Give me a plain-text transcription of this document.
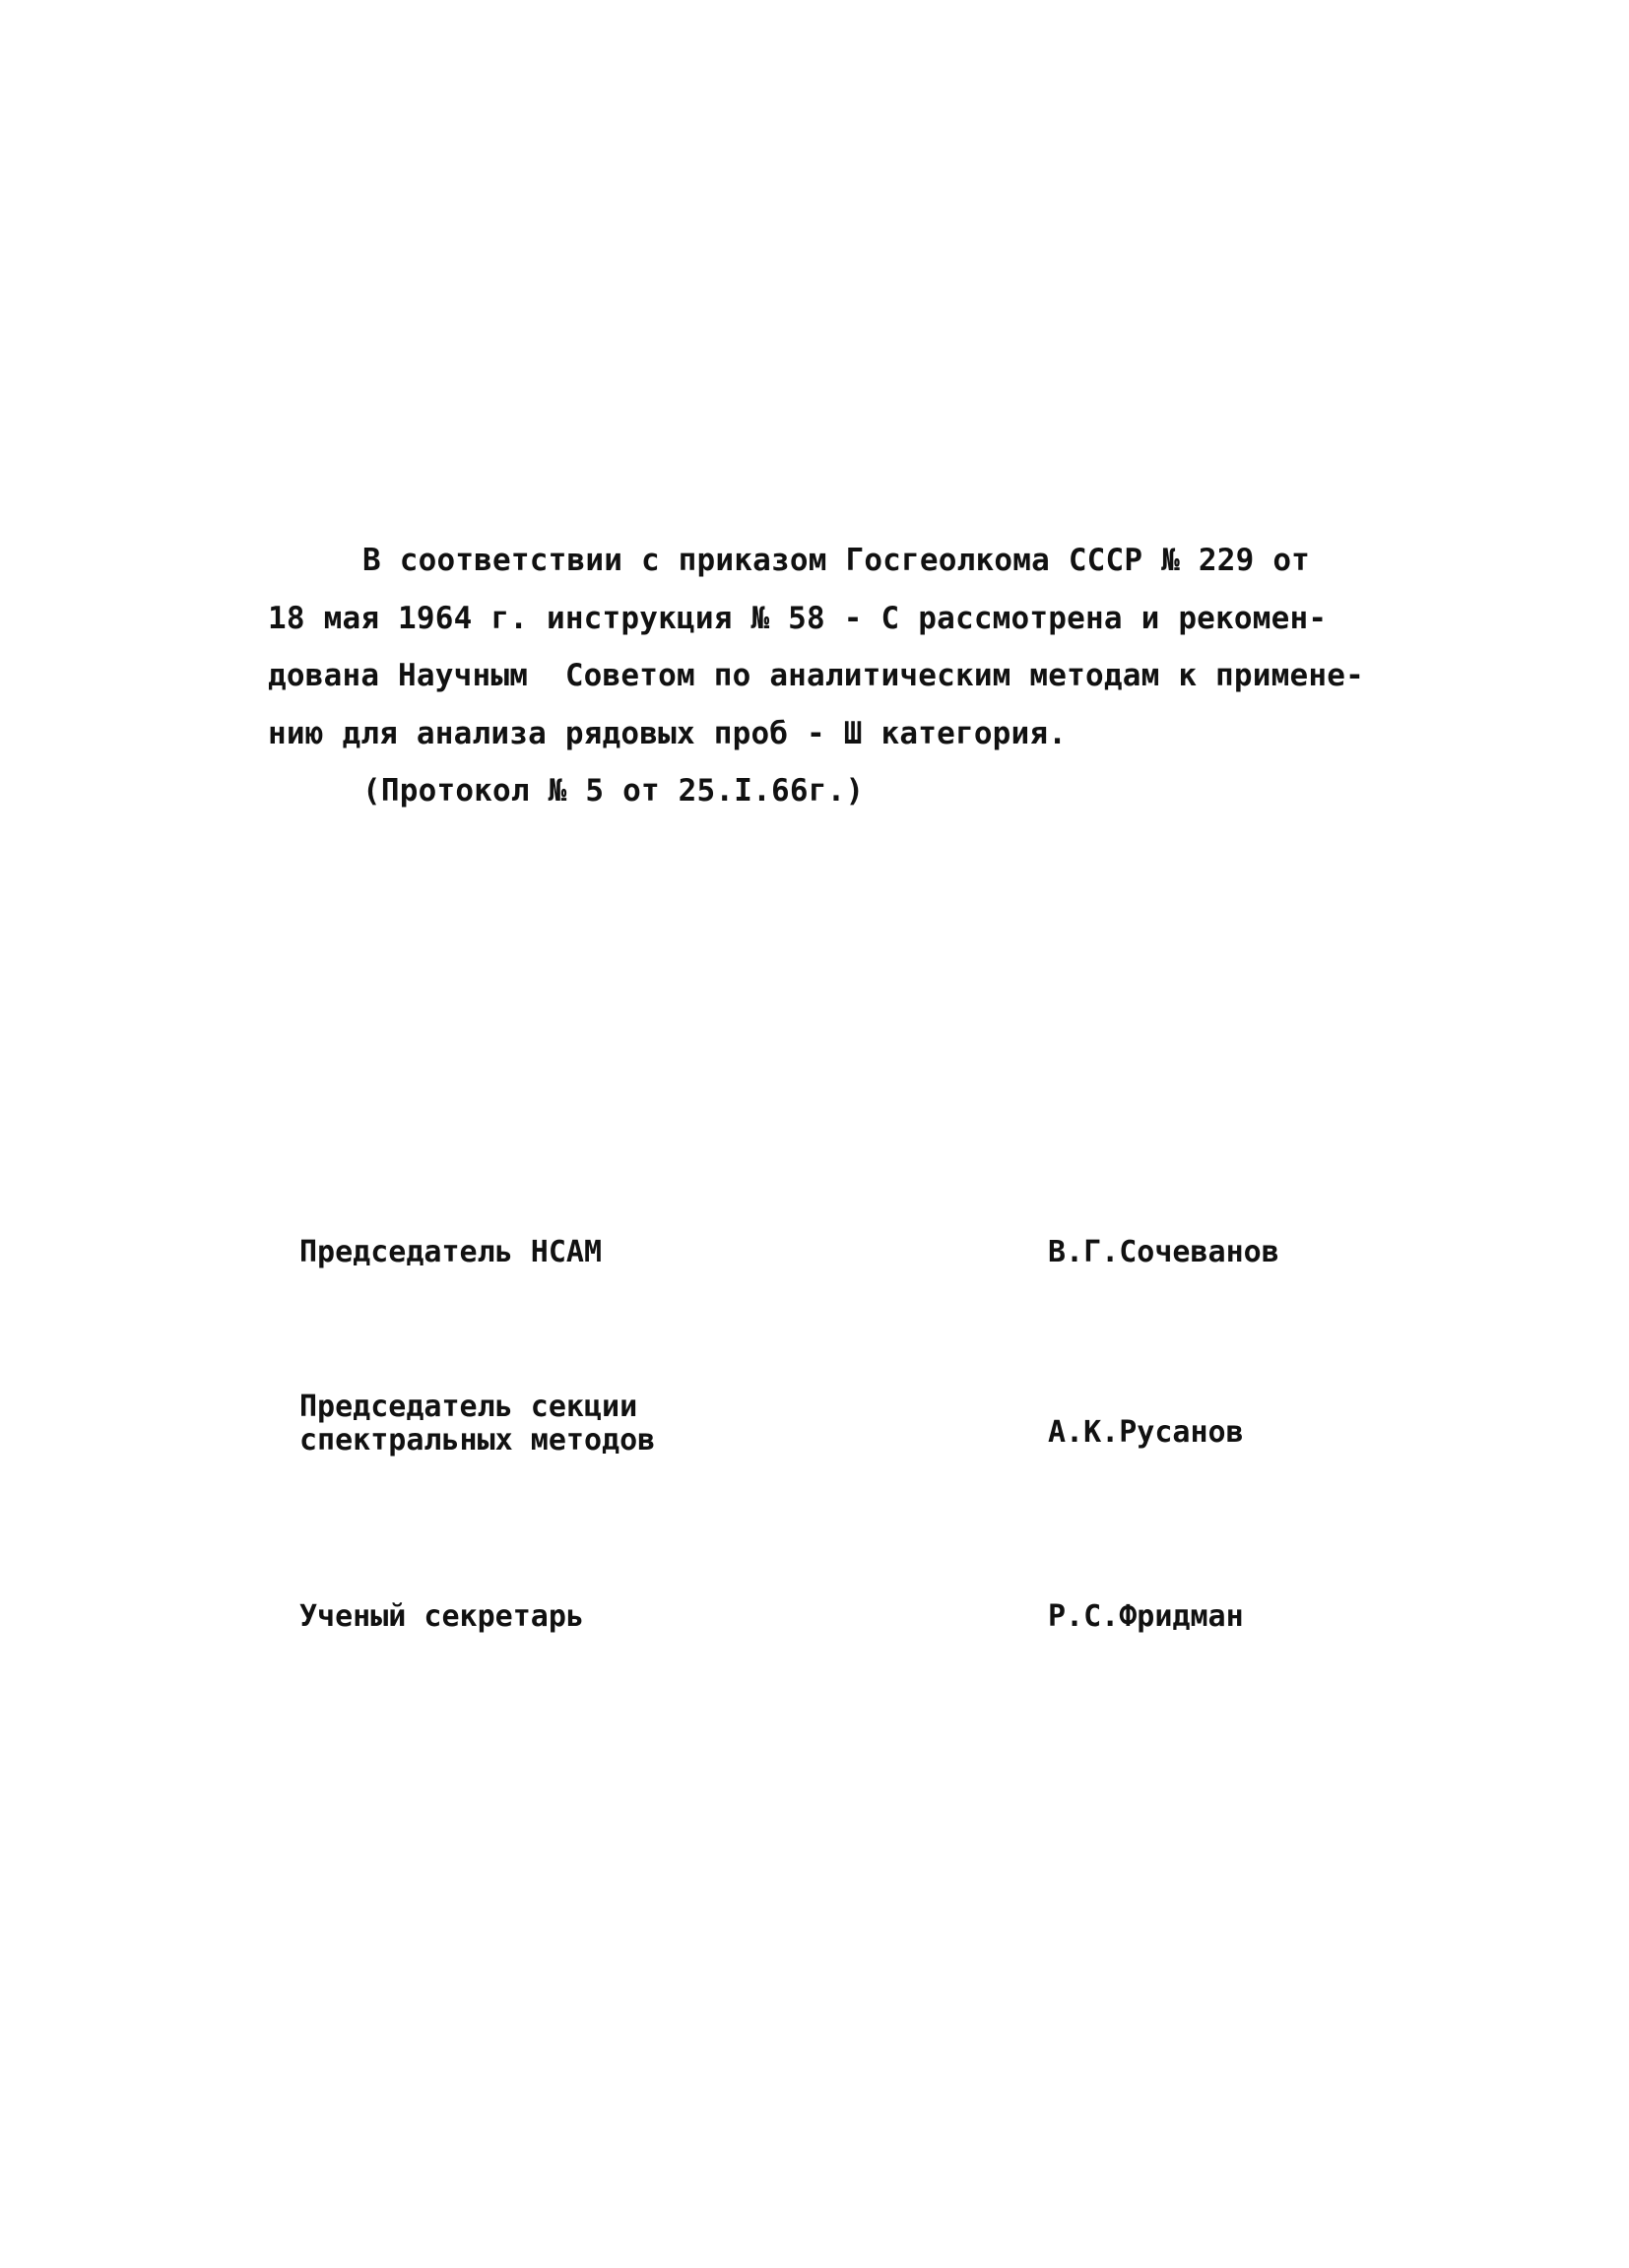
В соответствии с приказом Госгеолкома СССР № 229 от
18 мая 1964 г. инструкция № 58 - С рассмотрена и рекомен-
дована Научным  Советом по аналитическим методам к примене-
нию для анализа рядовых проб - Ш категория.
(Протокол № 5 от 25.I.66г.)
Председатель НСАМ	В.Г.Сочеванов
Председатель секции
спектральных методов	А.К.Русанов
Ученый секретарь	Р.С.Фридман
